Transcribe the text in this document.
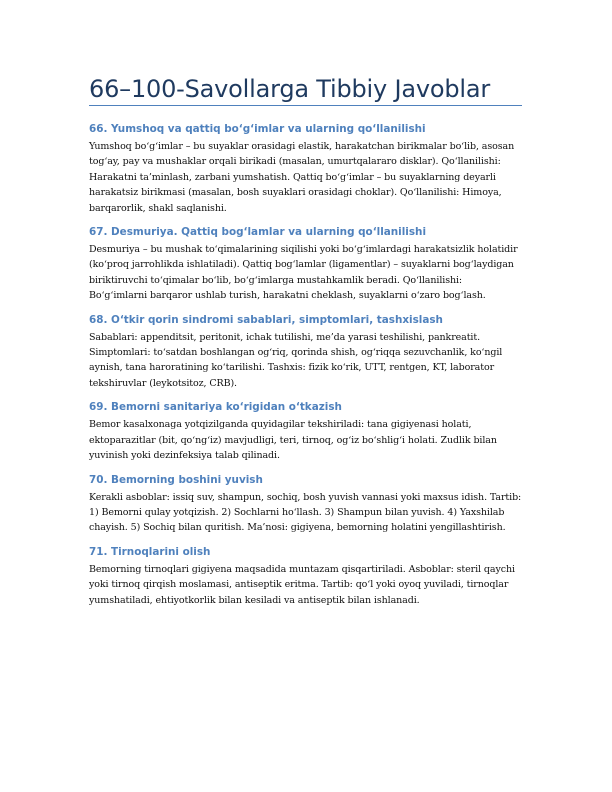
66–100-Savollarga Tibbiy Javoblar
66. Yumshoq va qattiq bo‘g‘imlar va ularning qo‘llanilishi

Yumshoq bo‘g‘imlar – bu suyaklar orasidagi elastik, harakatchan birikmalar bo‘lib, asosan tog‘ay, pay va mushaklar orqali birikadi (masalan, umurtqalararo disklar). Qo‘llanilishi: Harakatni ta’minlash, zarbani yumshatish. Qattiq bo‘g‘imlar – bu suyaklarning deyarli harakatsiz birikmasi (masalan, bosh suyaklari orasidagi choklar). Qo‘llanilishi: Himoya, barqarorlik, shakl saqlanishi.

67. Desmuriya. Qattiq bog‘lamlar va ularning qo‘llanilishi

Desmuriya – bu mushak to‘qimalarining siqilishi yoki bo‘g‘imlardagi harakatsizlik holatidir (ko‘proq jarrohlikda ishlatiladi). Qattiq bog‘lamlar (ligamentlar) – suyaklarni bog‘laydigan biriktiruvchi to‘qimalar bo‘lib, bo‘g‘imlarga mustahkamlik beradi. Qo‘llanilishi: Bo‘g‘imlarni barqaror ushlab turish, harakatni cheklash, suyaklarni o‘zaro bog‘lash.

68. O‘tkir qorin sindromi sabablari, simptomlari, tashxislash

Sabablari: appenditsit, peritonit, ichak tutilishi, me’da yarasi teshilishi, pankreatit. Simptomlari: to‘satdan boshlangan og‘riq, qorinda shish, og‘riqqa sezuvchanlik, ko‘ngil aynish, tana haroratining ko‘tarilishi. Tashxis: fizik ko‘rik, UTT, rentgen, KT, laborator tekshiruvlar (leykotsitoz, CRB).

69. Bemorni sanitariya ko‘rigidan o‘tkazish

Bemor kasalxonaga yotqizilganda quyidagilar tekshiriladi: tana gigiyenasi holati, ektoparazitlar (bit, qo‘ng‘iz) mavjudligi, teri, tirnoq, og‘iz bo‘shlig‘i holati. Zudlik bilan yuvinish yoki dezinfeksiya talab qilinadi.

70. Bemorning boshini yuvish

Kerakli asboblar: issiq suv, shampun, sochiq, bosh yuvish vannasi yoki maxsus idish. Tartib: 1) Bemorni qulay yotqizish. 2) Sochlarni ho‘llash. 3) Shampun bilan yuvish. 4) Yaxshilab chayish. 5) Sochiq bilan quritish. Ma’nosi: gigiyena, bemorning holatini yengillashtirish.

71. Tirnoqlarini olish

Bemorning tirnoqlari gigiyena maqsadida muntazam qisqartiriladi. Asboblar: steril qaychi yoki tirnoq qirqish moslamasi, antiseptik eritma. Tartib: qo‘l yoki oyoq yuviladi, tirnoqlar yumshatiladi, ehtiyotkorlik bilan kesiladi va antiseptik bilan ishlanadi.
